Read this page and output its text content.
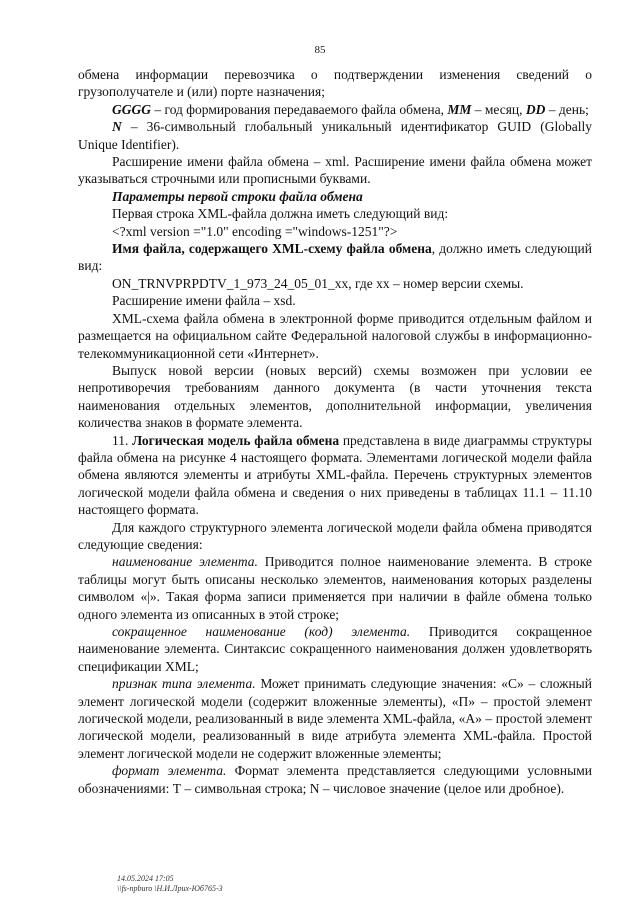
85

обмена информации перевозчика о подтверждении изменения сведений о грузополучателе и (или) порте назначения;

GGGG – год формирования передаваемого файла обмена, MM – месяц, DD – день;

N – 36-символьный глобальный уникальный идентификатор GUID (Globally Unique Identifier).

Расширение имени файла обмена – xml. Расширение имени файла обмена может указываться строчными или прописными буквами.

Параметры первой строки файла обмена

Первая строка XML-файла должна иметь следующий вид:

<?xml version ="1.0" encoding ="windows-1251"?>

Имя файла, содержащего XML-схему файла обмена, должно иметь следующий вид:

ON_TRNVPRPDTV_1_973_24_05_01_xx, где xx – номер версии схемы.

Расширение имени файла – xsd.

XML-схема файла обмена в электронной форме приводится отдельным файлом и размещается на официальном сайте Федеральной налоговой службы в информационно-телекоммуникационной сети «Интернет».

Выпуск новой версии (новых версий) схемы возможен при условии ее непротиворечия требованиям данного документа (в части уточнения текста наименования отдельных элементов, дополнительной информации, увеличения количества знаков в формате элемента.

11. Логическая модель файла обмена представлена в виде диаграммы структуры файла обмена на рисунке 4 настоящего формата. Элементами логической модели файла обмена являются элементы и атрибуты XML-файла. Перечень структурных элементов логической модели файла обмена и сведения о них приведены в таблицах 11.1 – 11.10 настоящего формата.

Для каждого структурного элемента логической модели файла обмена приводятся следующие сведения:

наименование элемента. Приводится полное наименование элемента. В строке таблицы могут быть описаны несколько элементов, наименования которых разделены символом «|». Такая форма записи применяется при наличии в файле обмена только одного элемента из описанных в этой строке;

сокращенное наименование (код) элемента. Приводится сокращенное наименование элемента. Синтаксис сокращенного наименования должен удовлетворять спецификации XML;

признак типа элемента. Может принимать следующие значения: «С» – сложный элемент логической модели (содержит вложенные элементы), «П» – простой элемент логической модели, реализованный в виде элемента XML-файла, «А» – простой элемент логической модели, реализованный в виде атрибута элемента XML-файла. Простой элемент логической модели не содержит вложенные элементы;

формат элемента. Формат элемента представляется следующими условными обозначениями: Т – символьная строка; N – числовое значение (целое или дробное).

14.05.2024 17:05
\\fs-npburo \Н.И.Лрих-Юб765-3
